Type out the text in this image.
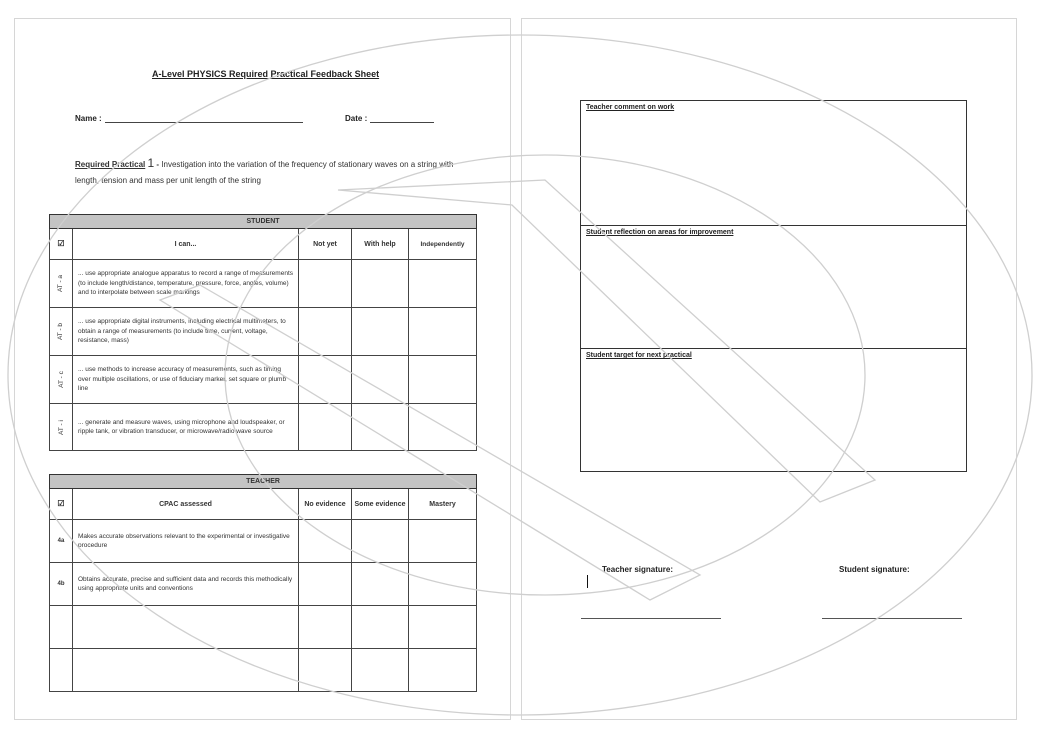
A-Level PHYSICS Required Practical Feedback Sheet
Name :	Date :
Required Practical 1 - Investigation into the variation of the frequency of stationary waves on a string with length, tension and mass per unit length of the string
STUDENT				
☑	I can...	Not yet	With help	Independently
AT - a	... use appropriate analogue apparatus to record a range of measurements (to include length/distance, temperature, pressure, force, angles, volume) and to interpolate between scale markings			
AT - b	... use appropriate digital instruments, including electrical multimeters, to obtain a range of measurements (to include time, current, voltage, resistance, mass)			
AT - c	... use methods to increase accuracy of measurements, such as timing over multiple oscillations, or use of fiduciary marker, set square or plumb line			
AT - i	... generate and measure waves, using microphone and loudspeaker, or ripple tank, or vibration transducer, or microwave/radio wave source			
TEACHER				
☑	CPAC assessed	No evidence	Some evidence	Mastery
4a	Makes accurate observations relevant to the experimental or investigative procedure			
4b	Obtains accurate, precise and sufficient data and records this methodically using appropriate units and conventions			

Teacher comment on work
Student reflection on areas for improvement
Student target for next practical
Teacher signature:	Student signature:
